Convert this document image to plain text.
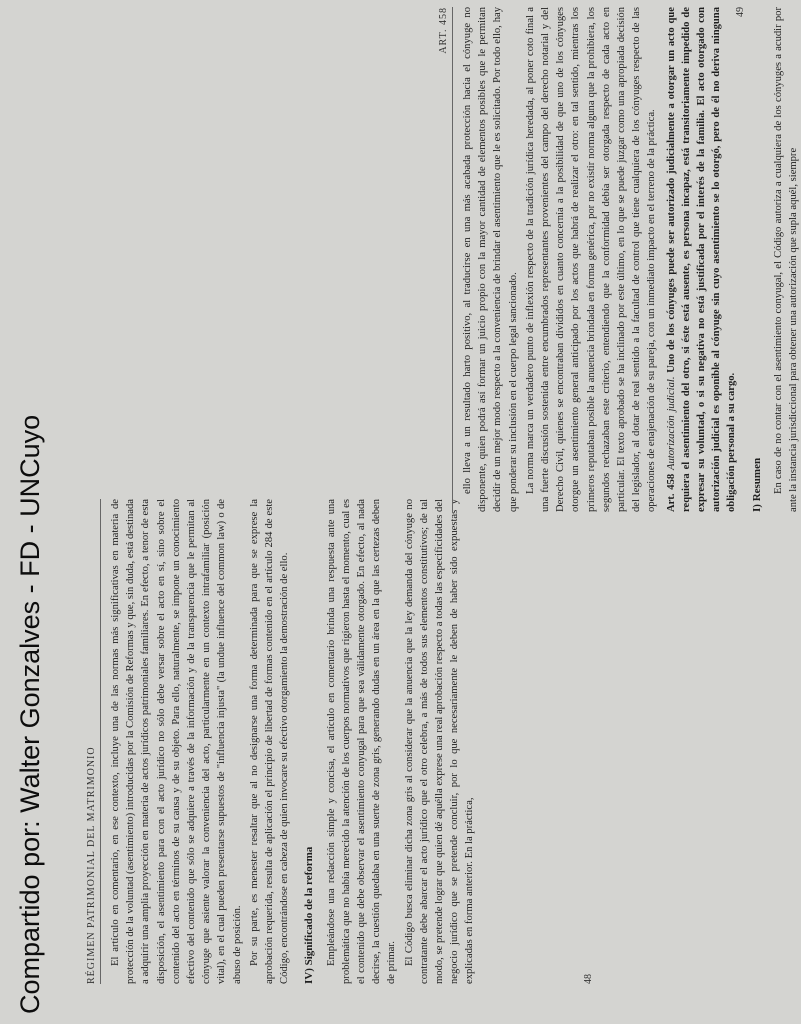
Compartido por: Walter Gonzalves - FD - UNCuyo	RÉGIMEN PATRIMONIAL DEL MATRIMONIO El artículo en comentario, en ese contexto, incluye una de las normas más significativas en materia de protección de la voluntad (asentimiento) introducidas por la Comisión de Reformas y que, sin duda, está destinada a adquirir una amplia proyección en materia de actos jurídicos patrimoniales familiares. En efecto, a tenor de esta disposición, el asentimiento para con el acto jurídico no sólo debe versar sobre el acto en sí, sino sobre el contenido del acto en términos de su causa y de su objeto. Para ello, naturalmente, se impone un conocimiento efectivo del contenido que sólo se adquiere a través de la información y de la transparencia que le permitan al cónyuge que asiente valorar la conveniencia del acto, particularmente en un contexto intrafamiliar (posición vital), en el cual pueden presentarse supuestos de "influencia injusta" (la undue influence del common law) o de abuso de posición. Por su parte, es menester resaltar que al no designarse una forma determinada para que se exprese la aprobación requerida, resulta de aplicación el principio de libertad de formas contenido en el artículo 284 de este Código, encontrándose en cabeza de quien invocare su efectivo otorgamiento la demostración de ello. IV) Significado de la reforma Empleándose una redacción simple y concisa, el artículo en comentario brinda una respuesta ante una problemática que no había merecido la atención de los cuerpos normativos que rigieron hasta el momento, cual es el contenido que debe observar el asentimiento conyugal para que sea válidamente otorgado. En efecto, al nada decirse, la cuestión quedaba en una suerte de zona gris, generando dudas en un área en la que las certezas deben de primar. El Código busca eliminar dicha zona gris al considerar que la anuencia que la ley demanda del cónyuge no contratante debe abarcar el acto jurídico que el otro celebra, a más de todos sus elementos constitutivos; de tal modo, se pretende lograr que quien dé aquélla exprese una real aprobación respecto a todas las especificidades del negocio jurídico que se pretende concluir, por lo que necesariamente le deben de haber sido expuestas y explicadas en forma anterior. En la práctica,	48
ART. 458 ello lleva a un resultado harto positivo, al traducirse en una más acabada protección hacia el cónyuge no disponente, quien podrá así formar un juicio propio con la mayor cantidad de elementos posibles que le permitan decidir de un mejor modo respecto a la conveniencia de brindar el asentimiento que le es solicitado. Por todo ello, hay que ponderar su inclusión en el cuerpo legal sancionado. La norma marca un verdadero punto de inflexión respecto de la tradición jurídica heredada, al poner coto final a una fuerte discusión sostenida entre encumbrados representantes provenientes del campo del derecho notarial y del Derecho Civil, quienes se encontraban divididos en cuanto concernía a la posibilidad de que uno de los cónyuges otorgue un asentimiento general anticipado por los actos que habrá de realizar el otro: en tal sentido, mientras los primeros reputaban posible la anuencia brindada en forma genérica, por no existir norma alguna que la prohibiera, los segundos rechazaban este criterio, entendiendo que la conformidad debía ser otorgada respecto de cada acto en particular. El texto aprobado se ha inclinado por este último, en lo que se puede juzgar como una apropiada decisión del legislador, al dotar de real sentido a la facultad de control que tiene cualquiera de los cónyuges respecto de las operaciones de enajenación de su pareja, con un inmediato impacto en el terreno de la práctica. Art. 458 Autorización judicial. Uno de los cónyuges puede ser autorizado judicialmente a otorgar un acto que requiera el asentimiento del otro, si éste está ausente, es persona incapaz, está transitoriamente impedido de expresar su voluntad, o si su negativa no está justificada por el interés de la familia. El acto otorgado con autorización judicial es oponible al cónyuge sin cuyo asentimiento se lo otorgó, pero de él no deriva ninguna obligación personal a su cargo. I) Resumen En caso de no contar con el asentimiento conyugal, el Código autoriza a cualquiera de los cónyuges a acudir por ante la instancia jurisdiccional para obtener una autorización que supla aquél, siempre

49
